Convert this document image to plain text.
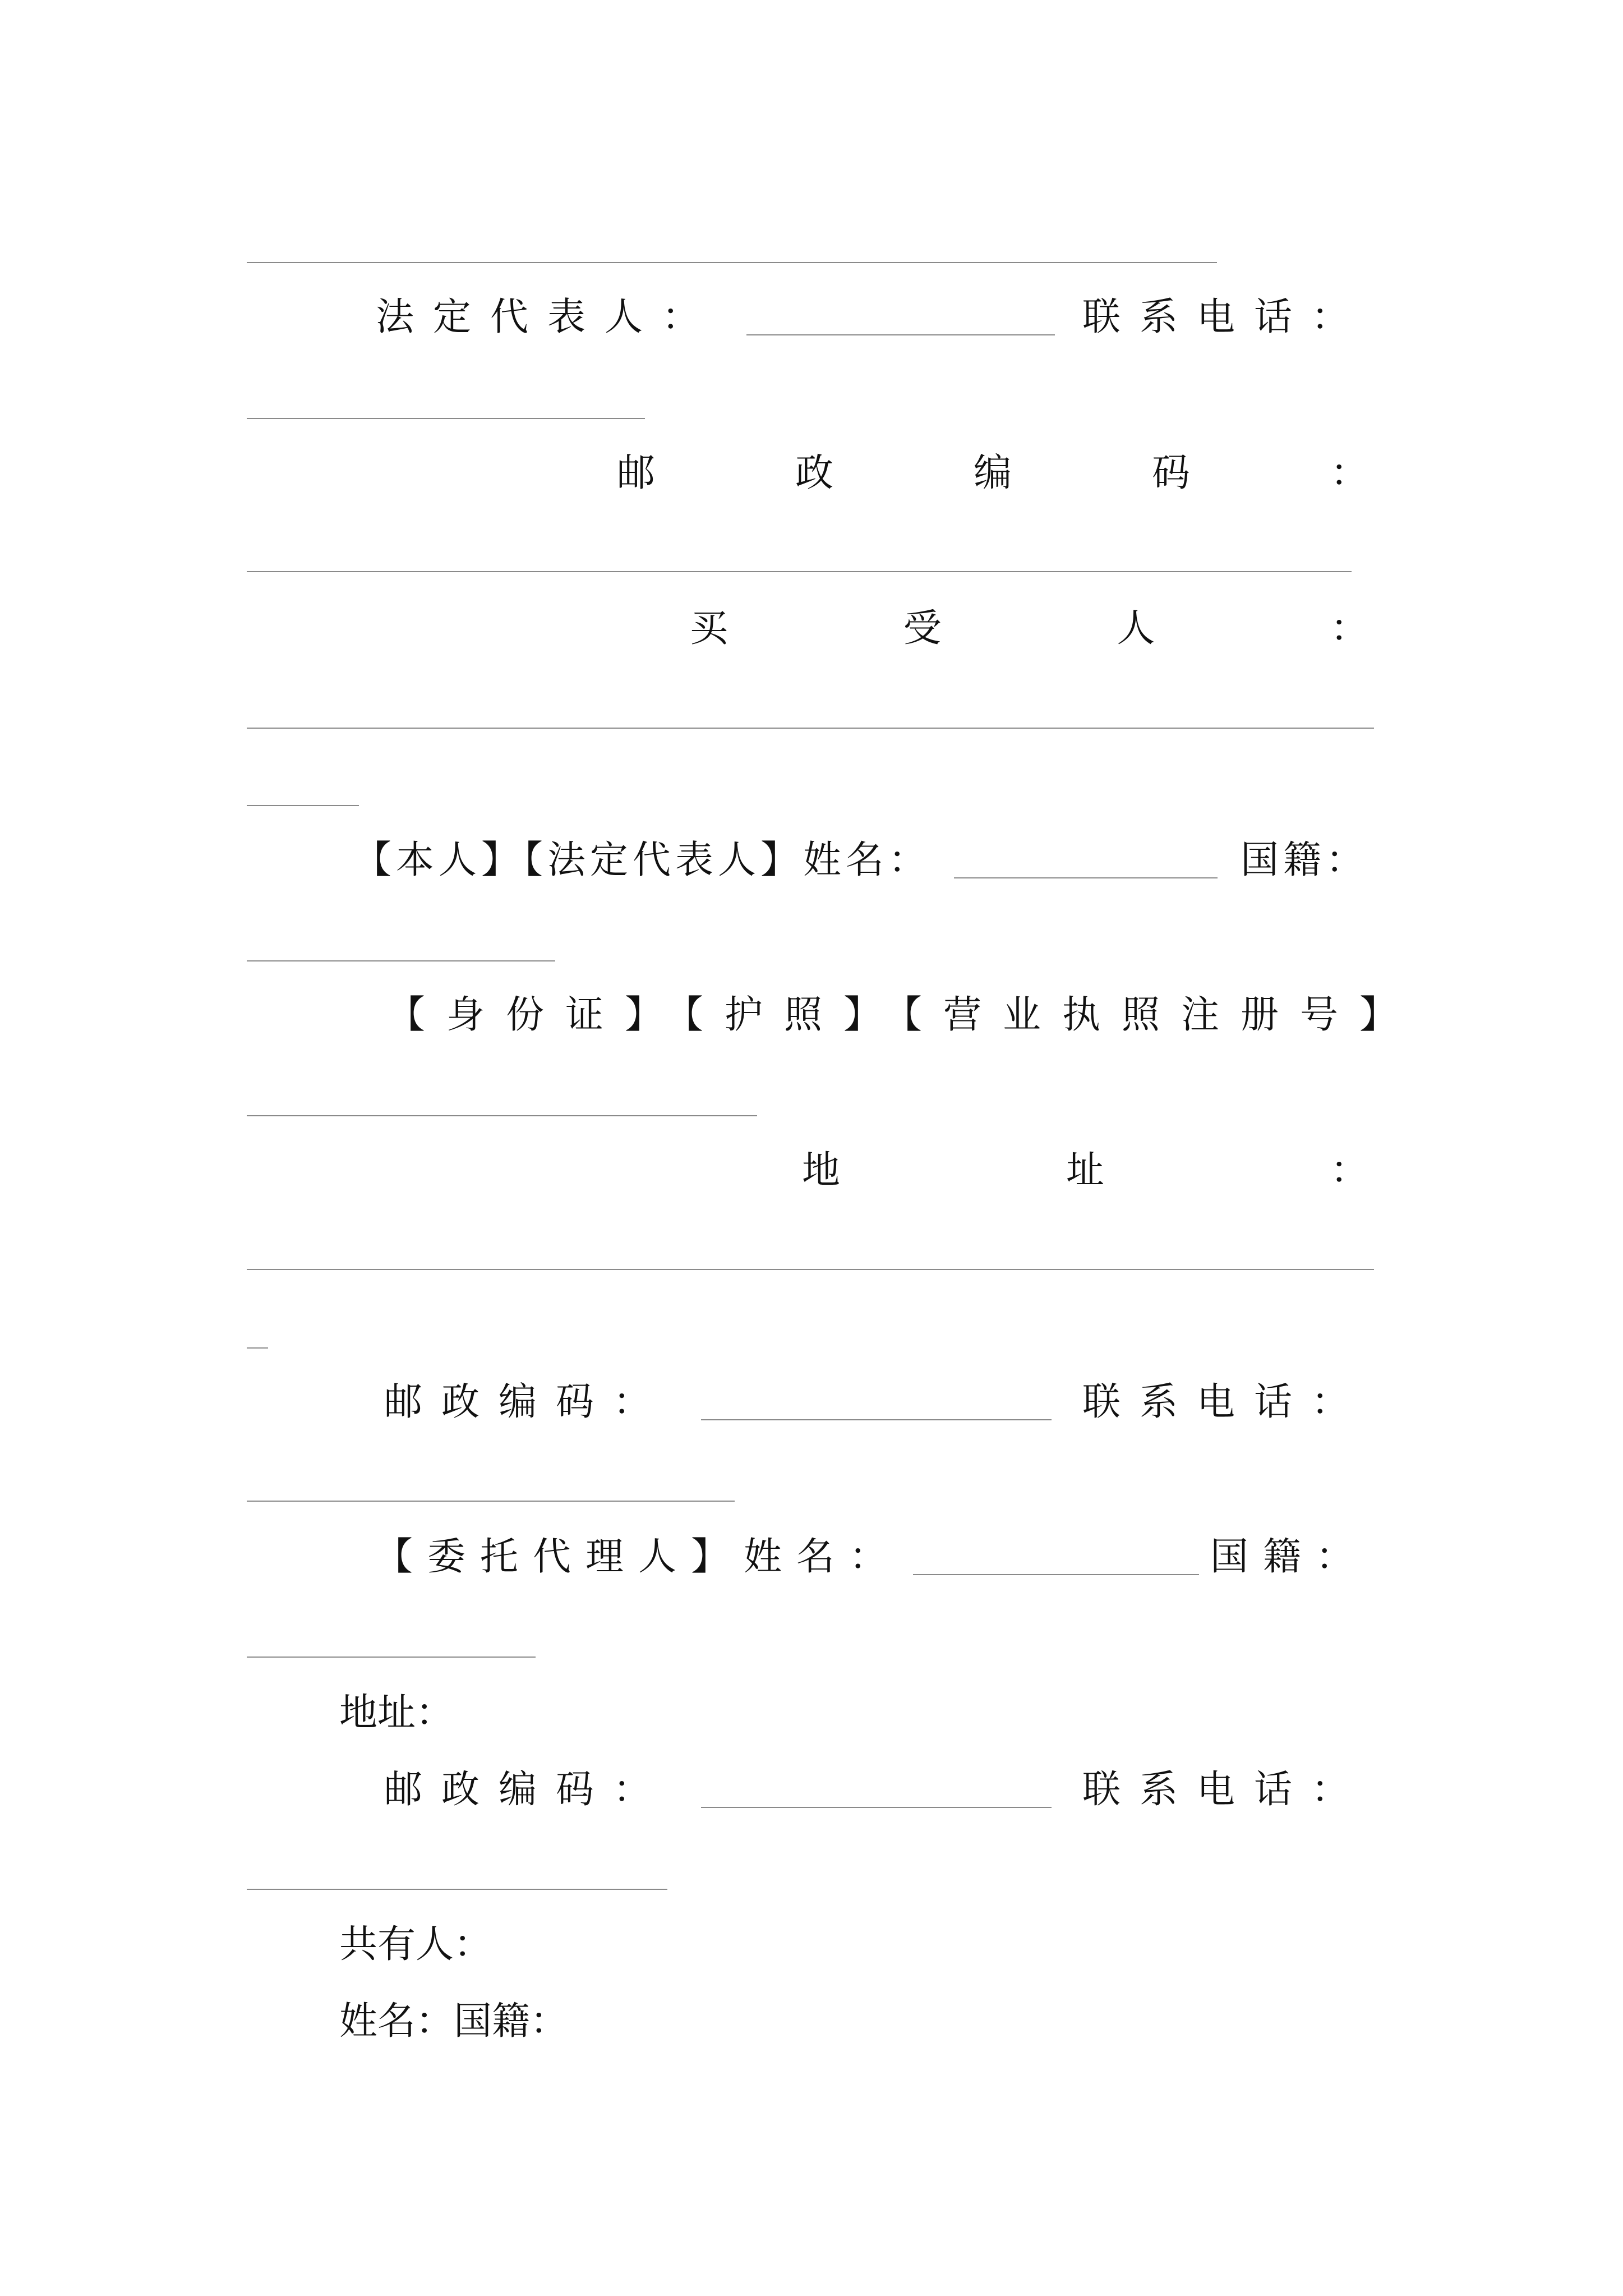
法定代表人：	联系电话：
邮	政	编	码	：
买	受	人	：
【本人】【法定代表人】姓名：	国籍：
【身份证】【护照】【营业执照注册号】
地	址	：
邮政编码：	联系电话：
【委托代理人】姓名：	国籍：
地址：
邮政编码：	联系电话：
共有人：
姓名：国籍：
